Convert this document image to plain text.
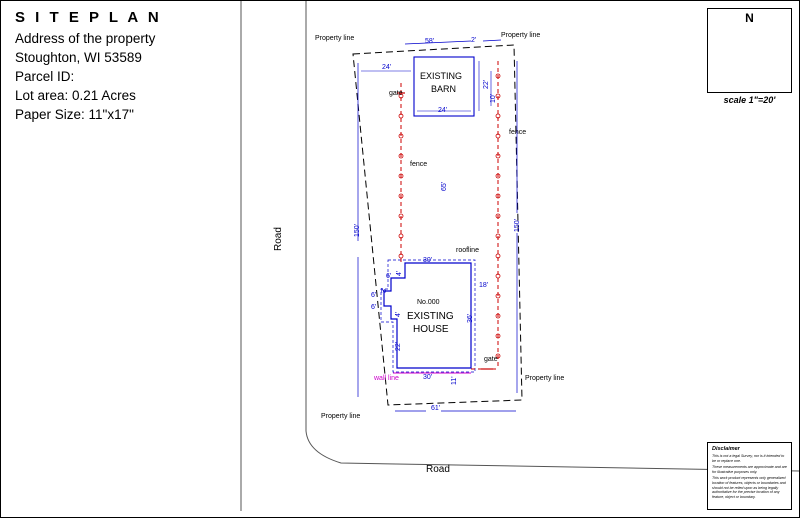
S I T E P L A N
Address of the property
Stoughton, WI 53589
Parcel ID:
Lot area: 0.21 Acres
Paper Size: 11"x17"
N
scale 1"=20'
Disclaimer
This is not a legal Survey, nor is it intended to be or replace one.
These measurements are approximate and are for illustrative purposes only.
This work product represents only generalized location of features, objects or boundaries and should not be relied upon as being legally authoritative for the precise location of any feature, object or boundary.
Road
Road
Property line	Property line
Property line
Property line
fence
fence
gate
gate
roofline
wall line
EXISTING
BARN
No.000
EXISTING
HOUSE
58'	2'
24'
22'
10'
24'
150'	150'
65'
30'
6' 4'
6'
3'
6'
4'
22'
18'
36'
30'	11'
61'
